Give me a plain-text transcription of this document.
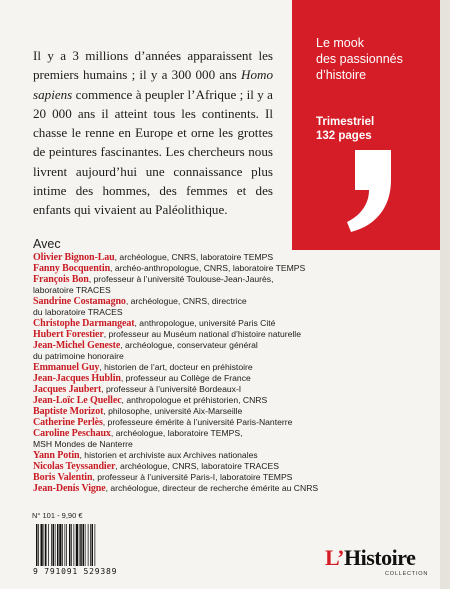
Il y a 3 millions d’années apparaissent les premiers humains ; il y a 300 000 ans Homo sapiens commence à peupler l’Afrique ; il y a 20 000 ans il atteint tous les continents. Il chasse le renne en Europe et orne les grottes de peintures fascinantes. Les chercheurs nous livrent aujourd’hui une connaissance plus intime des hommes, des femmes et des enfants qui vivaient au Paléolithique.
Le mook
des passionnés
d’histoire
Trimestriel
132 pages
Avec
Olivier Bignon-Lau, archéologue, CNRS, laboratoire TEMPS
Fanny Bocquentin, archéo-anthropologue, CNRS, laboratoire TEMPS
François Bon, professeur à l’université Toulouse-Jean-Jaurès,
laboratoire TRACES
Sandrine Costamagno, archéologue, CNRS, directrice
du laboratoire TRACES
Christophe Darmangeat, anthropologue, université Paris Cité
Hubert Forestier, professeur au Muséum national d’histoire naturelle
Jean-Michel Geneste, archéologue, conservateur général
du patrimoine honoraire
Emmanuel Guy, historien de l’art, docteur en préhistoire
Jean-Jacques Hublin, professeur au Collège de France
Jacques Jaubert, professeur à l’université Bordeaux-I
Jean-Loïc Le Quellec, anthropologue et préhistorien, CNRS
Baptiste Morizot, philosophe, université Aix-Marseille
Catherine Perlès, professeure émérite à l’université Paris-Nanterre
Caroline Peschaux, archéologue, laboratoire TEMPS,
MSH Mondes de Nanterre
Yann Potin, historien et archiviste aux Archives nationales
Nicolas Teyssandier, archéologue, CNRS, laboratoire TRACES
Boris Valentin, professeur à l’université Paris-I, laboratoire TEMPS
Jean-Denis Vigne, archéologue, directeur de recherche émérite au CNRS
N° 101 - 9,90 €
9 791091 529389
L’Histoire
COLLECTION
